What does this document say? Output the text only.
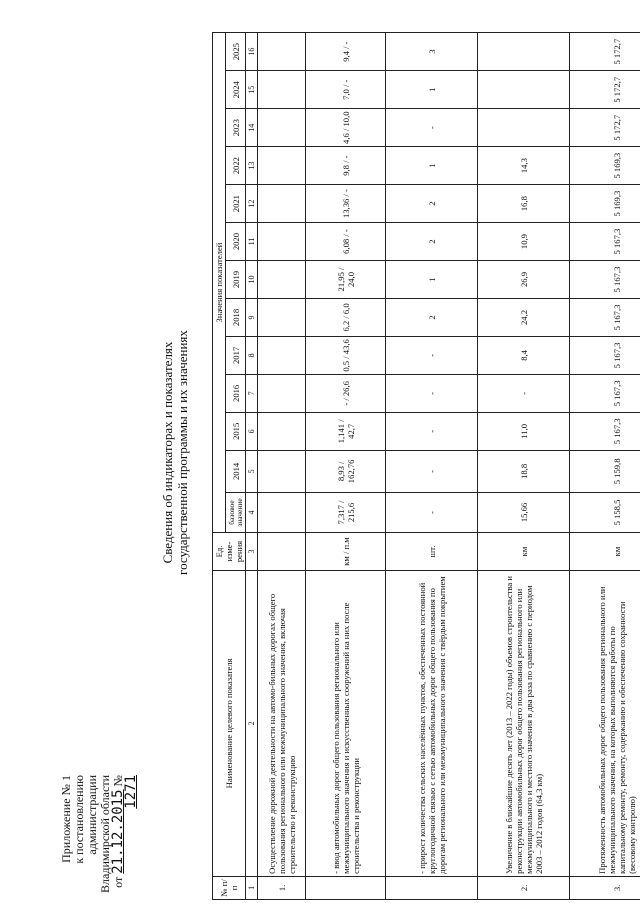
Приложение № 1 к постановлению администрации Владимирской области от 21.12.2015 № 1271
Сведения об индикаторах и показателях государственной программы и их значениях
№ п/п	Наименование целевого показателя	Ед. изме-рения	Значения показателей												
			базовое значение	2014	2015	2016	2017	2018	2019	2020	2021	2022	2023	2024	2025
1	2	3	4	5	6	7	8	9	10	11	12	13	14	15	16
1.	Осуществление дорожной деятельности на автомо-бильных дорогах общего пользования регионального или межмуниципального значения, включая строительство и реконструкцию														
	- ввод автомобильных дорог общего пользования регионального или межмуниципального значения и искусственных сооружений на них после строительства и реконструкции	км / п.м	7,317 / 215,6	8,93 / 162,76	1,141 / 42,7	- / 26,6	0,5 / 43,6	6,2 / 6,0	21,95 / 24,0	6,08 / -	13,36 / -	9,8 / -	4,6 / 10,0	7,0 / -	9,4 / -
	- прирост количества сельских населённых пунктов, обеспеченных постоянной круглогодичной связью с сетью автомобильных дорог общего пользования по дорогам регионального или межмуниципального значения с твёрдым покрытием	шт.	-	-	-	-	-	2	1	2	2	1	-	1	3
2.	Увеличение в ближайшие десять лет (2013 – 2022 годы) объемов строительства и реконструкции автомобильных дорог общего пользования регионального или межмуниципального и местного значения в два раза по сравнению с периодом 2003 – 2012 годов (64,3 км)	км	15,66	18,8	11,0	-	8,4	24,2	26,9	10,9	16,8	14,3			
3.	Протяженность автомобильных дорог общего пользования регионального или межмуниципального значения, на которых выполняются работы по капитальному ремонту, ремонту, содержанию и обеспечению сохранности (весовому контролю)	км	5 158,5	5 159,8	5 167,3	5 167,3	5 167,3	5 167,3	5 167,3	5 167,3	5 169,3	5 169,3	5 172,7	5 172,7	5 172,7
